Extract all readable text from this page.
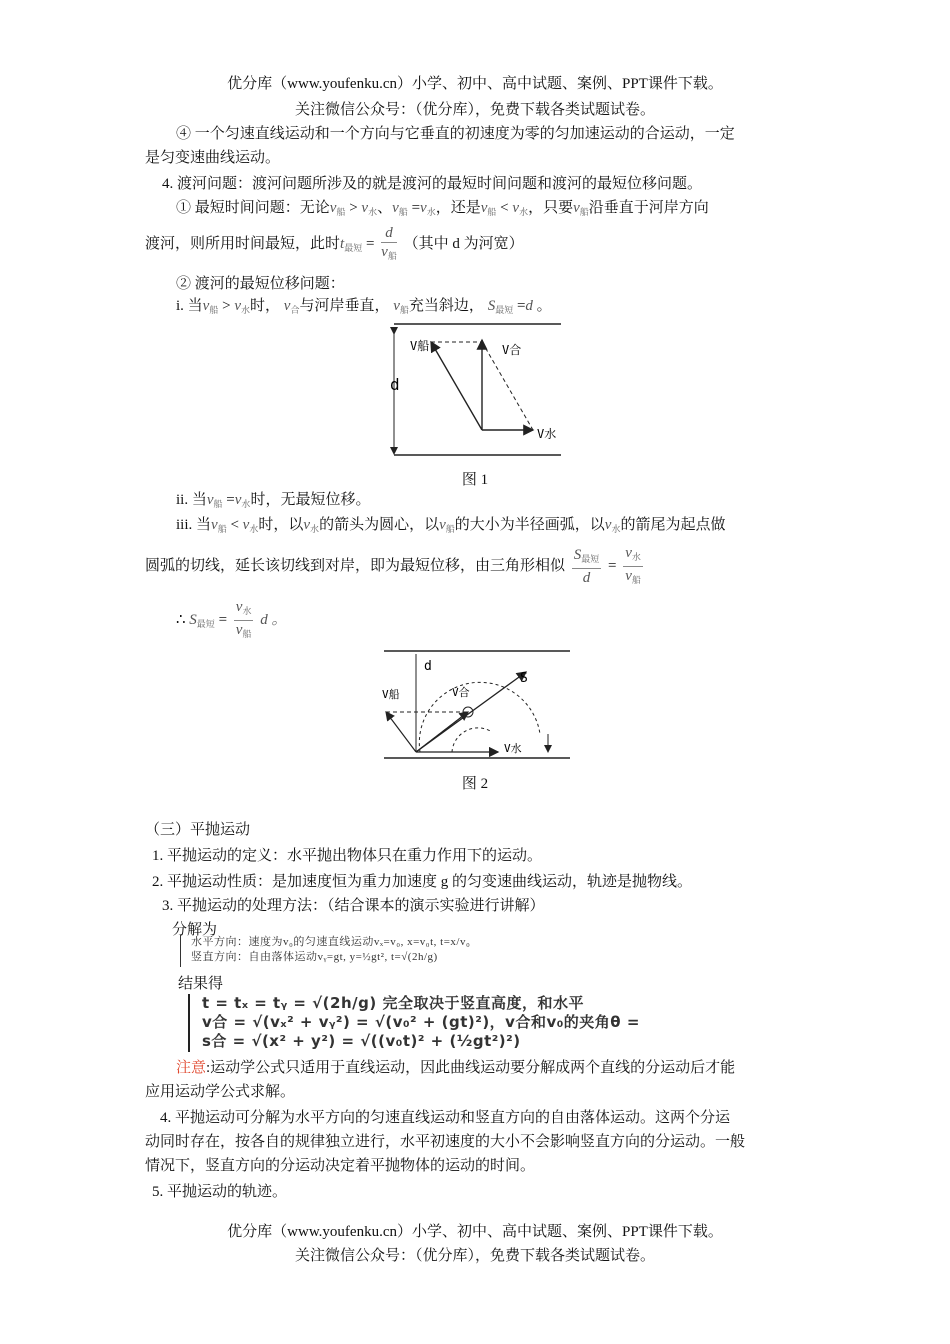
优分库（www.youfenku.cn）小学、初中、高中试题、案例、PPT课件下载。
关注微信公众号：（优分库），免费下载各类试题试卷。
④ 一个匀速直线运动和一个方向与它垂直的初速度为零的匀加速运动的合运动，一定
是匀变速曲线运动。
4. 渡河问题：渡河问题所涉及的就是渡河的最短时间问题和渡河的最短位移问题。
① 最短时间问题：无论$v_船 > v_水$、$v_船 =v_水$，还是$v_船 < v_水$，只要$v_船$沿垂直于河岸方向
渡河，则所用时间最短，此时$t_{最短} = \frac{d}{v_船}$ （其中 d 为河宽）
② 渡河的最短位移问题：
i. 当$v_船 > v_水$时， $v_合$与河岸垂直， $v_船$充当斜边， $S_{最短} =d$ 。
d
V船	V合
V水
图 1
ii. 当$v_船 =v_水$时，无最短位移。
iii. 当$v_船 < v_水$时，以$v_水$的箭头为圆心，以$v_船$的大小为半径画弧，以$v_水$的箭尾为起点做
圆弧的切线，延长该切线到对岸，即为最短位移，由三角形相似 $\frac{S_{最短}}{d} = \frac{v_水}{v_船}$
∴ $S_{最短} = \frac{v_水}{v_船}$ d 。
d
S
V水
V船	V合
图 2
（三）平抛运动
1. 平抛运动的定义：水平抛出物体只在重力作用下的运动。
2. 平抛运动性质：是加速度恒为重力加速度 g 的匀变速曲线运动，轨迹是抛物线。
3. 平抛运动的处理方法：（结合课本的演示实验进行讲解）
分解为
水平方向：速度为v₀的匀速直线运动vₓ=v₀, x=v₀t, t=x/v₀
竖直方向：自由落体运动vᵧ=gt, y=½gt², t=√(2h/g)
结果得
t = tₓ = tᵧ = √(2h/g) 完全取决于竖直高度，和水平
v合 = √(vₓ² + vᵧ²) = √(v₀² + (gt)²)，v合和v₀的夹角θ =
s合 = √(x² + y²) = √((v₀t)² + (½gt²)²)
注意:运动学公式只适用于直线运动，因此曲线运动要分解成两个直线的分运动后才能
应用运动学公式求解。
4. 平抛运动可分解为水平方向的匀速直线运动和竖直方向的自由落体运动。这两个分运
动同时存在，按各自的规律独立进行，水平初速度的大小不会影响竖直方向的分运动。一般
情况下，竖直方向的分运动决定着平抛物体的运动的时间。
5. 平抛运动的轨迹。
优分库（www.youfenku.cn）小学、初中、高中试题、案例、PPT课件下载。
关注微信公众号：（优分库），免费下载各类试题试卷。
